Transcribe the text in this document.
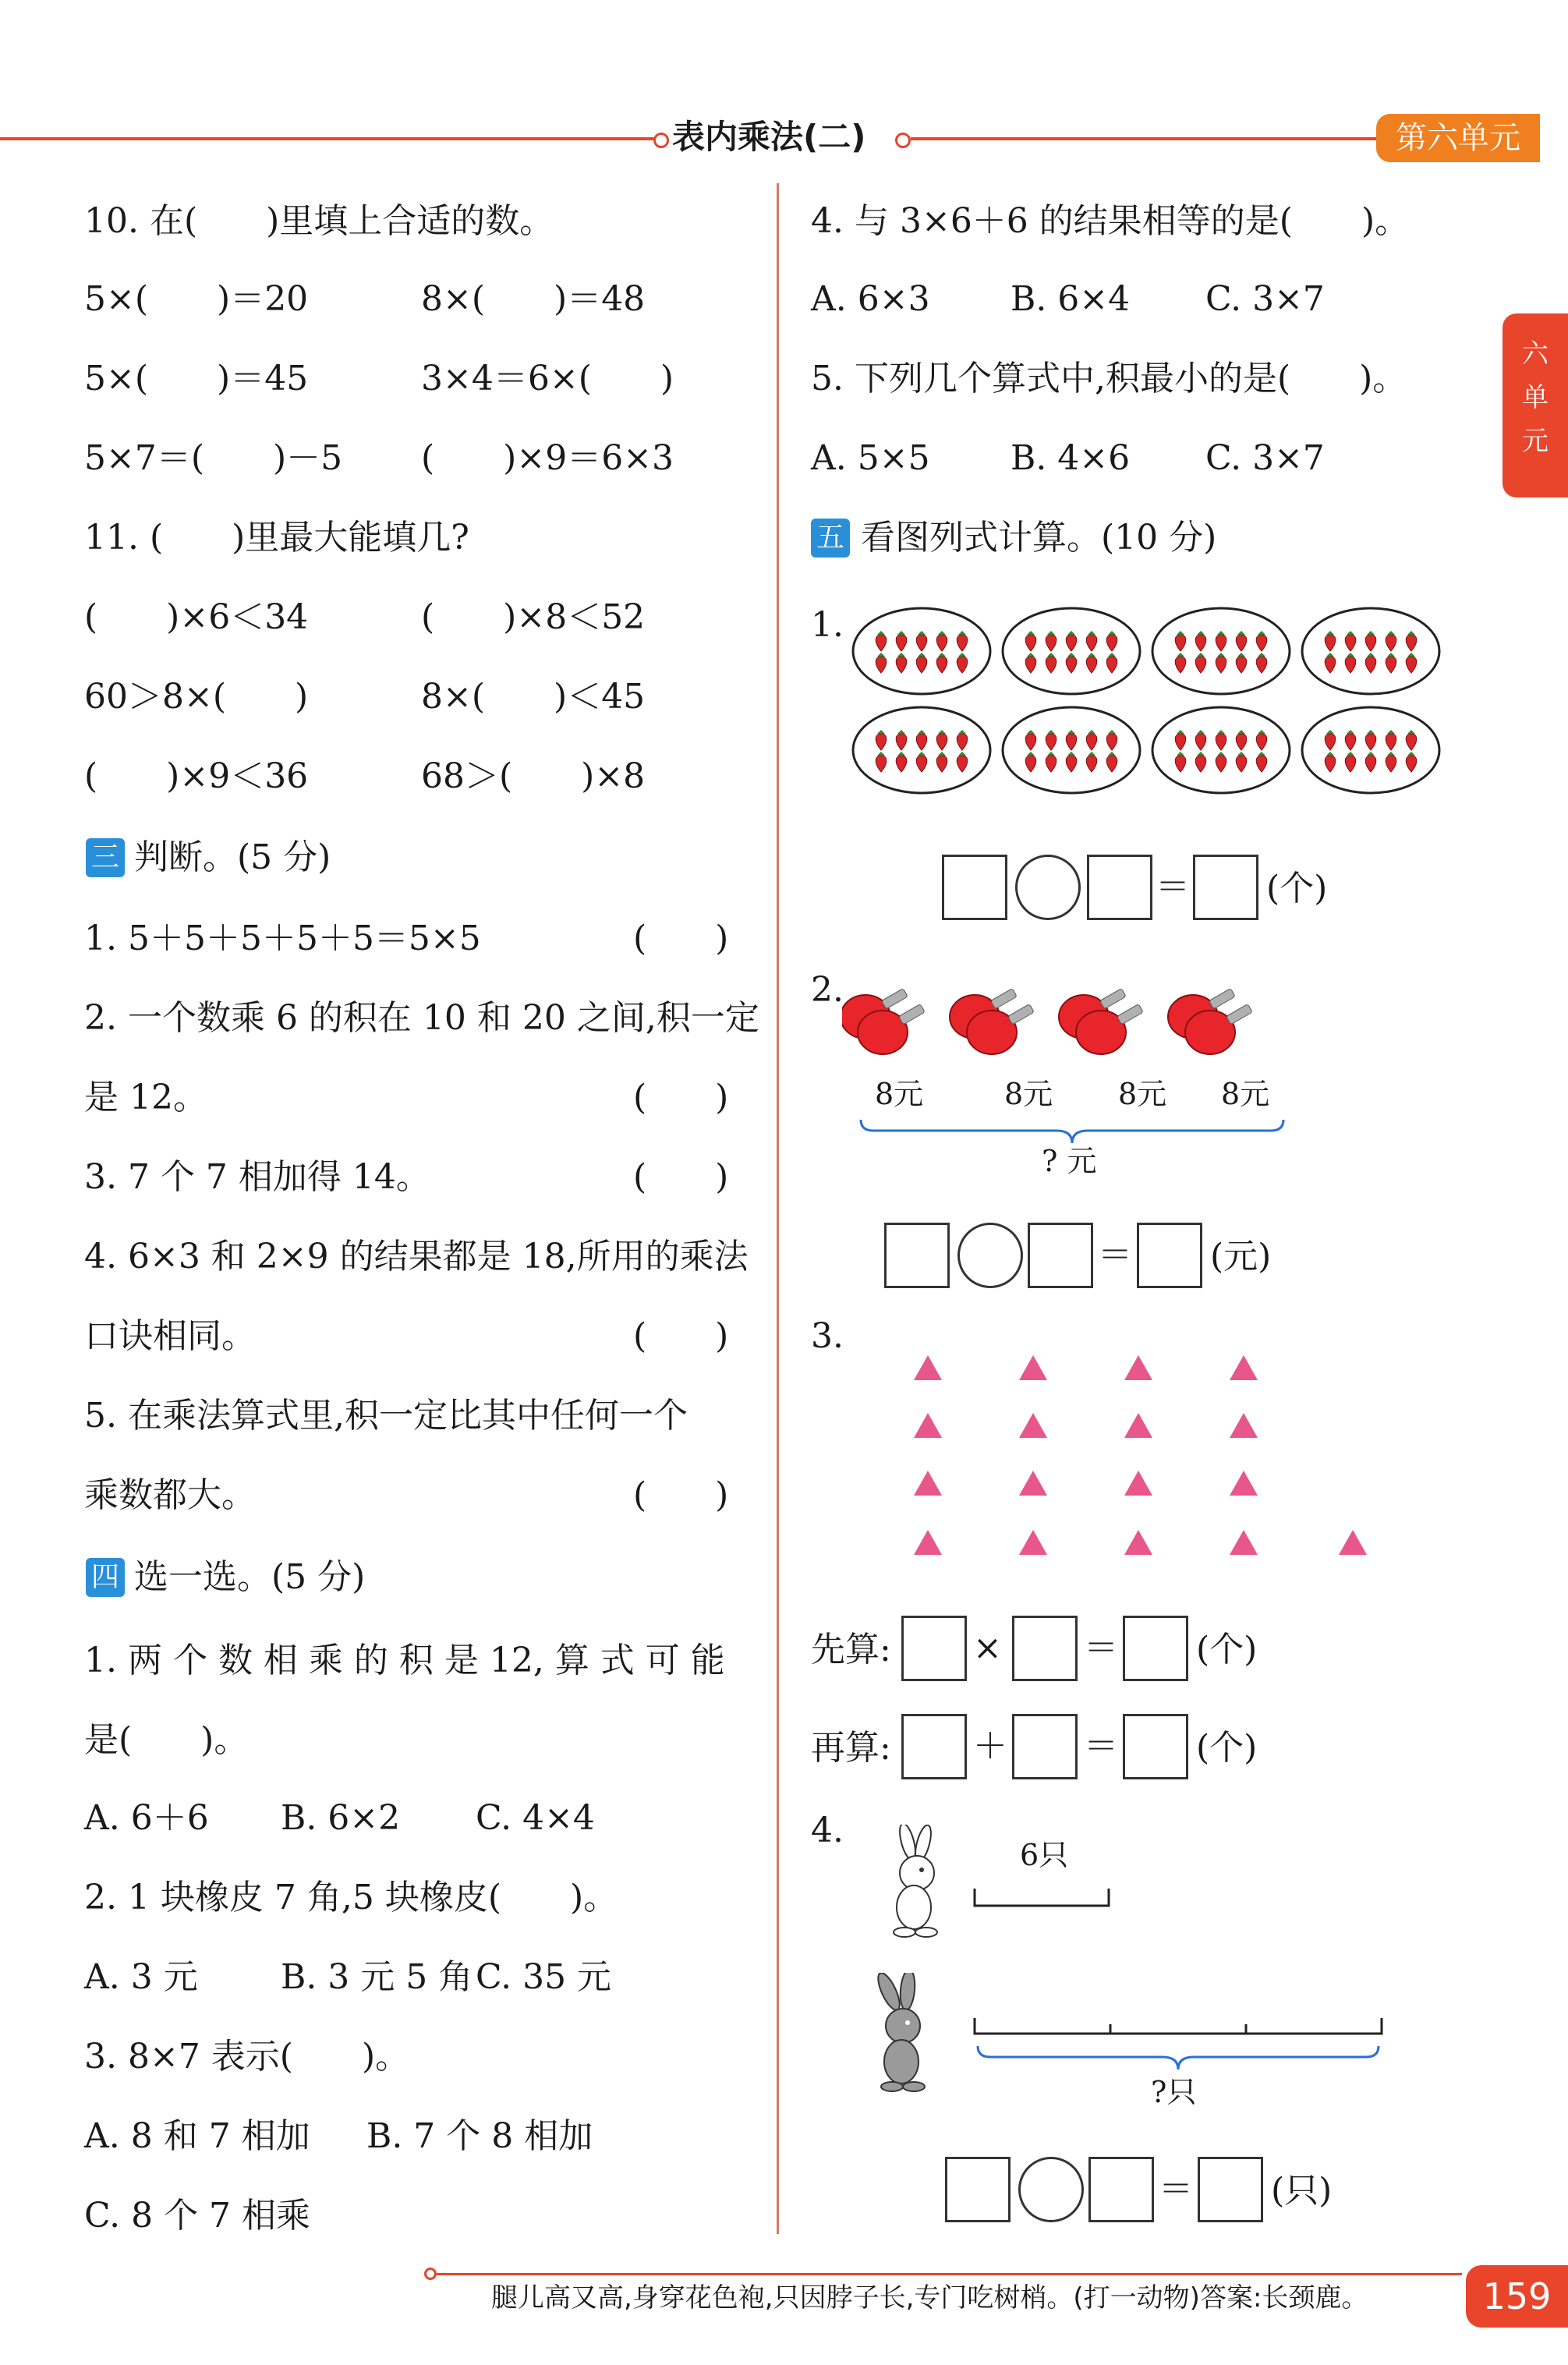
表内乘法(二)	第六单元
六
单
元
10. 在(　　)里填上合适的数。
5×(　　)＝20	8×(　　)＝48
5×(　　)＝45	3×4＝6×(　　)
5×7＝(　　)－5 (　　)×9＝6×3
11. (　　)里最大能填几?
(　　)×6＜34	(　　)×8＜52
60＞8×(　　)	8×(　　)＜45
(　　)×9＜36	68＞(　　)×8
三 判断。(5 分)
1. 5＋5＋5＋5＋5＝5×5	(　　)
2. 一个数乘 6 的积在 10 和 20 之间,积一定
是 12。	(　　)
3. 7 个 7 相加得 14。	(　　)
4. 6×3 和 2×9 的结果都是 18,所用的乘法
口诀相同。	(　　)
5. 在乘法算式里,积一定比其中任何一个
乘数都大。	(　　)
四 选一选。(5 分)
1. 两 个 数 相 乘 的 积 是 12, 算 式 可 能
是(　　)。
A. 6＋6 B. 6×2 C. 4×4
2. 1 块橡皮 7 角,5 块橡皮(　　)。
A. 3 元 B. 3 元 5 角 C. 35 元
3. 8×7 表示(　　)。
A. 8 和 7 相加 B. 7 个 8 相加
C. 8 个 7 相乘
4. 与 3×6＋6 的结果相等的是(　　)。
A. 6×3 B. 6×4 C. 3×7
5. 下列几个算式中,积最小的是(　　)。
A. 5×5 B. 4×6 C. 3×7
五 看图列式计算。(10 分)
1.
＝ (个)
2.
8元	8元 8元 8元
? 元
＝ (元)
3.
先算: × ＝ (个)
再算: ＋ ＝ (个)
4.
6只
?只
＝ (只)
腿儿高又高,身穿花色袍,只因脖子长,专门吃树梢。(打一动物)答案:长颈鹿。	159
